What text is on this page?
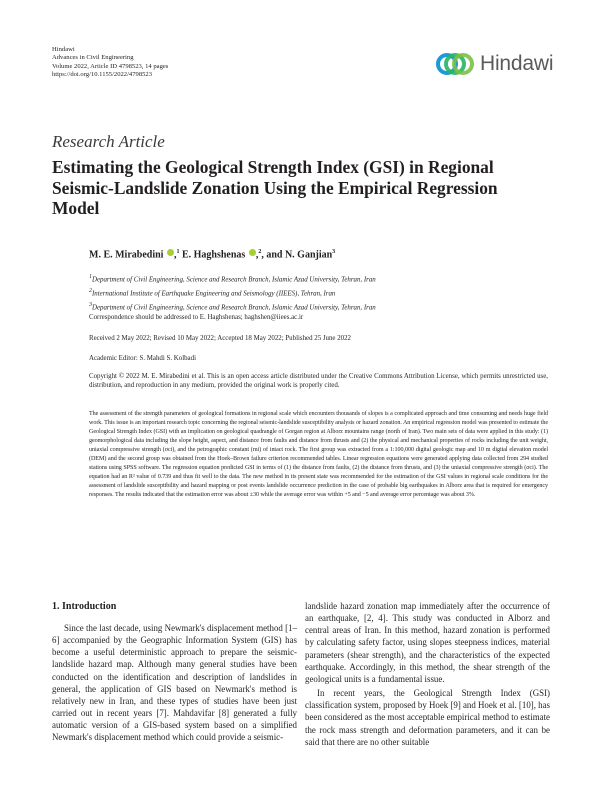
Hindawi
Advances in Civil Engineering
Volume 2022, Article ID 4798523, 14 pages
https://doi.org/10.1155/2022/4798523	Hindawi
Research Article
Estimating the Geological Strength Index (GSI) in Regional Seismic-Landslide Zonation Using the Empirical Regression Model
M. E. Mirabedini ,$^1$ E. Haghshenas ,$^2$, and N. Ganjian$^3$
$^1$Department of Civil Engineering, Science and Research Branch, Islamic Azad University, Tehran, Iran
$^2$International Institute of Earthquake Engineering and Seismology (IIEES), Tehran, Iran
$^3$Department of Civil Engineering, Science and Research Branch, Islamic Azad University, Tehran, Iran
Correspondence should be addressed to E. Haghshenas; haghshen@iiees.ac.ir
Received 2 May 2022; Revised 10 May 2022; Accepted 18 May 2022; Published 25 June 2022
Academic Editor: S. Mahdi S. Kolbadi
Copyright © 2022 M. E. Mirabedini et al. This is an open access article distributed under the Creative Commons Attribution License, which permits unrestricted use, distribution, and reproduction in any medium, provided the original work is properly cited.
The assessment of the strength parameters of geological formations in regional scale which encounters thousands of slopes is a complicated approach and time consuming and needs huge field work. This issue is an important research topic concerning the regional seismic-landslide susceptibility analysis or hazard zonation. An empirical regression model was presented to estimate the Geological Strength Index (GSI) with an implication on geological quadrangle of Gorgan region at Alborz mountains range (north of Iran). Two main sets of data were applied in this study: (1) geomorphological data including the slope height, aspect, and distance from faults and distance from thrusts and (2) the physical and mechanical properties of rocks including the unit weight, uniaxial compressive strength (σci), and the petrographic constant (mi) of intact rock. The first group was extracted from a 1:100,000 digital geologic map and 10 m digital elevation model (DEM) and the second group was obtained from the Hoek–Brown failure criterion recommended tables. Linear regression equations were generated applying data collected from 294 studied stations using SPSS software. The regression equation predicted GSI in terms of (1) the distance from faults, (2) the distance from thrusts, and (3) the uniaxial compressive strength (σci). The equation had an R² value of 0.739 and thus fit well to the data. The new method in its present state was recommended for the estimation of the GSI values in regional scale conditions for the assessment of landslide susceptibility and hazard mapping or post events landslide occurrence prediction in the case of probable big earthquakes in Alborz area that is required for emergency responses. The results indicated that the estimation error was about ±30 while the average error was within +5 and −5 and average error percentage was about 3%.
1. Introduction

Since the last decade, using Newmark's displacement method [1–6] accompanied by the Geographic Information System (GIS) has become a useful deterministic approach to prepare the seismic-landslide hazard map. Although many general studies have been conducted on the identification and description of landslides in general, the application of GIS based on Newmark's method is relatively new in Iran, and these types of studies have been just carried out in recent years [7]. Mahdavifar [8] generated a fully automatic version of a GIS-based system based on a simplified Newmark's displacement method which could provide a seismic-

landslide hazard zonation map immediately after the occurrence of an earthquake, [2, 4]. This study was conducted in Alborz and central areas of Iran. In this method, hazard zonation is performed by calculating safety factor, using slopes steepness indices, material parameters (shear strength), and the characteristics of the expected earthquake. Accordingly, in this method, the shear strength of the geological units is a fundamental issue.

In recent years, the Geological Strength Index (GSI) classification system, proposed by Hoek [9] and Hoek et al. [10], has been considered as the most acceptable empirical method to estimate the rock mass strength and deformation parameters, and it can be said that there are no other suitable
